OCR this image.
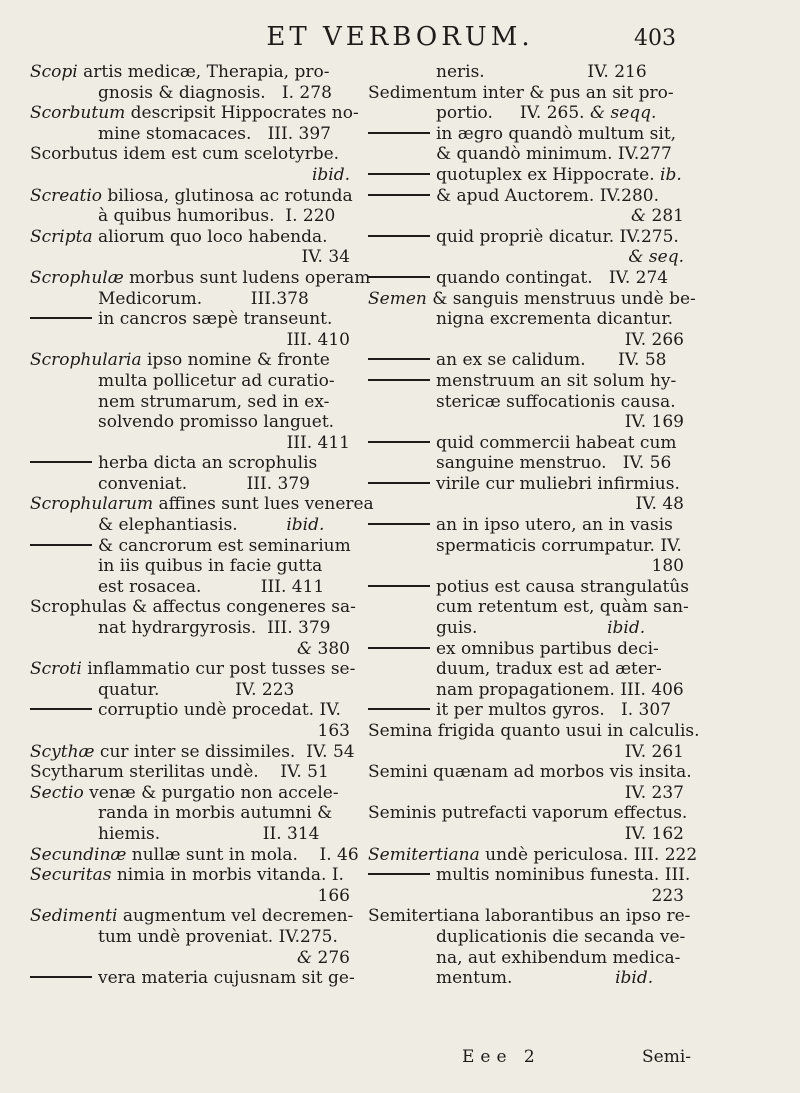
ET VERBORUM.	403
Scopi artis medicæ, Therapia, pro-
gnosis & diagnosis.   I. 278
Scorbutum descripsit Hippocrates no-
mine stomacaces.   III. 397
Scorbutus idem est cum scelotyrbe.
ibid.
Screatio biliosa, glutinosa ac rotunda
à quibus humoribus.  I. 220
Scripta aliorum quo loco habenda.
IV. 34
Scrophulæ morbus sunt ludens operam
Medicorum.         III.378
in cancros sæpè transeunt.
III. 410
Scrophularia ipso nomine & fronte
multa pollicetur ad curatio-
nem strumarum, sed in ex-
solvendo promisso languet.
III. 411
herba dicta an scrophulis
conveniat.           III. 379
Scrophularum affines sunt lues venerea
& elephantiasis.         ibid.
& cancrorum est seminarium
in iis quibus in facie gutta
est rosacea.           III. 411
Scrophulas & affectus congeneres sa-
nat hydrargyrosis.  III. 379
& 380
Scroti inflammatio cur post tusses se-
quatur.              IV. 223
corruptio undè procedat. IV.
163
Scythæ cur inter se dissimiles.  IV. 54
Scytharum sterilitas undè.    IV. 51
Sectio venæ & purgatio non accele-
randa in morbis autumni &
hiemis.                   II. 314
Secundinæ nullæ sunt in mola.    I. 46
Securitas nimia in morbis vitanda. I.
166
Sedimenti augmentum vel decremen-
tum undè proveniat. IV.275.
& 276
vera materia cujusnam sit ge-
neris.                   IV. 216
Sedimentum inter & pus an sit pro-
portio.     IV. 265. & seqq.
in ægro quandò multum sit,
& quandò minimum. IV.277
quotuplex ex Hippocrate. ib.
& apud Auctorem. IV.280.
& 281
quid propriè dicatur. IV.275.
& seq.
quando contingat.   IV. 274
Semen & sanguis menstruus undè be-
nigna excrementa dicantur.
IV. 266
an ex se calidum.      IV. 58
menstruum an sit solum hy-
stericæ suffocationis causa.
IV. 169
quid commercii habeat cum
sanguine menstruo.   IV. 56
virile cur muliebri infirmius.
IV. 48
an in ipso utero, an in vasis
spermaticis corrumpatur. IV.
180
potius est causa strangulatûs
cum retentum est, quàm san-
guis.                        ibid.
ex omnibus partibus deci-
duum, tradux est ad æter-
nam propagationem. III. 406
it per multos gyros.   I. 307
Semina frigida quanto usui in calculis.
IV. 261
Semini quænam ad morbos vis insita.
IV. 237
Seminis putrefacti vaporum effectus.
IV. 162
Semitertiana undè periculosa. III. 222
multis nominibus funesta. III.
223
Semitertiana laborantibus an ipso re-
duplicationis die secanda ve-
na, aut exhibendum medica-
mentum.                   ibid.
Eee 2	Semi-
